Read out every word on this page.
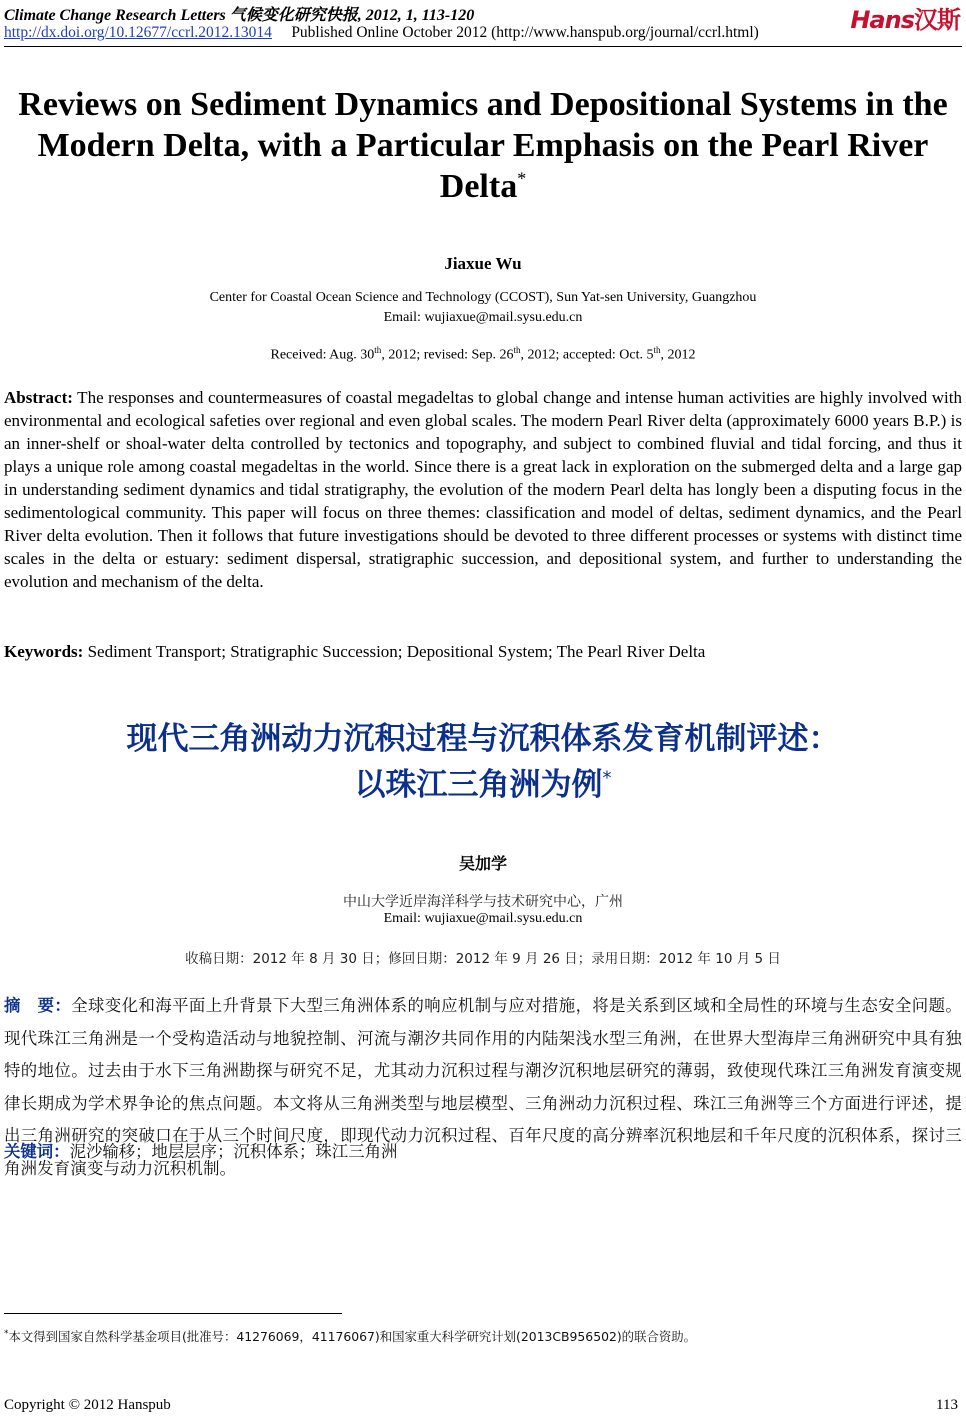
Climate Change Research Letters 气候变化研究快报, 2012, 1, 113-120
http://dx.doi.org/10.12677/ccrl.2012.13014 Published Online October 2012 (http://www.hanspub.org/journal/ccrl.html)	Hans汉斯
Reviews on Sediment Dynamics and Depositional Systems in the Modern Delta, with a Particular Emphasis on the Pearl River Delta*
Jiaxue Wu
Center for Coastal Ocean Science and Technology (CCOST), Sun Yat-sen University, Guangzhou
Email: wujiaxue@mail.sysu.edu.cn
Received: Aug. 30th, 2012; revised: Sep. 26th, 2012; accepted: Oct. 5th, 2012
Abstract: The responses and countermeasures of coastal megadeltas to global change and intense human activities are highly involved with environmental and ecological safeties over regional and even global scales. The modern Pearl River delta (approximately 6000 years B.P.) is an inner-shelf or shoal-water delta controlled by tectonics and topography, and subject to combined fluvial and tidal forcing, and thus it plays a unique role among coastal megadeltas in the world. Since there is a great lack in exploration on the submerged delta and a large gap in understanding sediment dynamics and tidal stratigraphy, the evolution of the modern Pearl delta has longly been a disputing focus in the sedimentological community. This paper will focus on three themes: classification and model of deltas, sediment dynamics, and the Pearl River delta evolution. Then it follows that future investigations should be devoted to three different processes or systems with distinct time scales in the delta or estuary: sediment dispersal, stratigraphic succession, and depositional system, and further to understanding the evolution and mechanism of the delta.
Keywords: Sediment Transport; Stratigraphic Succession; Depositional System; The Pearl River Delta
现代三角洲动力沉积过程与沉积体系发育机制评述：
以珠江三角洲为例*
吴加学
中山大学近岸海洋科学与技术研究中心，广州
Email: wujiaxue@mail.sysu.edu.cn
收稿日期：2012 年 8 月 30 日；修回日期：2012 年 9 月 26 日；录用日期：2012 年 10 月 5 日
摘　要：全球变化和海平面上升背景下大型三角洲体系的响应机制与应对措施，将是关系到区域和全局性的环境与生态安全问题。现代珠江三角洲是一个受构造活动与地貌控制、河流与潮汐共同作用的内陆架浅水型三角洲，在世界大型海岸三角洲研究中具有独特的地位。过去由于水下三角洲勘探与研究不足，尤其动力沉积过程与潮汐沉积地层研究的薄弱，致使现代珠江三角洲发育演变规律长期成为学术界争论的焦点问题。本文将从三角洲类型与地层模型、三角洲动力沉积过程、珠江三角洲等三个方面进行评述，提出三角洲研究的突破口在于从三个时间尺度，即现代动力沉积过程、百年尺度的高分辨率沉积地层和千年尺度的沉积体系，探讨三角洲发育演变与动力沉积机制。
关键词：泥沙输移；地层层序；沉积体系；珠江三角洲
*本文得到国家自然科学基金项目(批准号：41276069，41176067)和国家重大科学研究计划(2013CB956502)的联合资助。
Copyright © 2012 Hanspub	113
